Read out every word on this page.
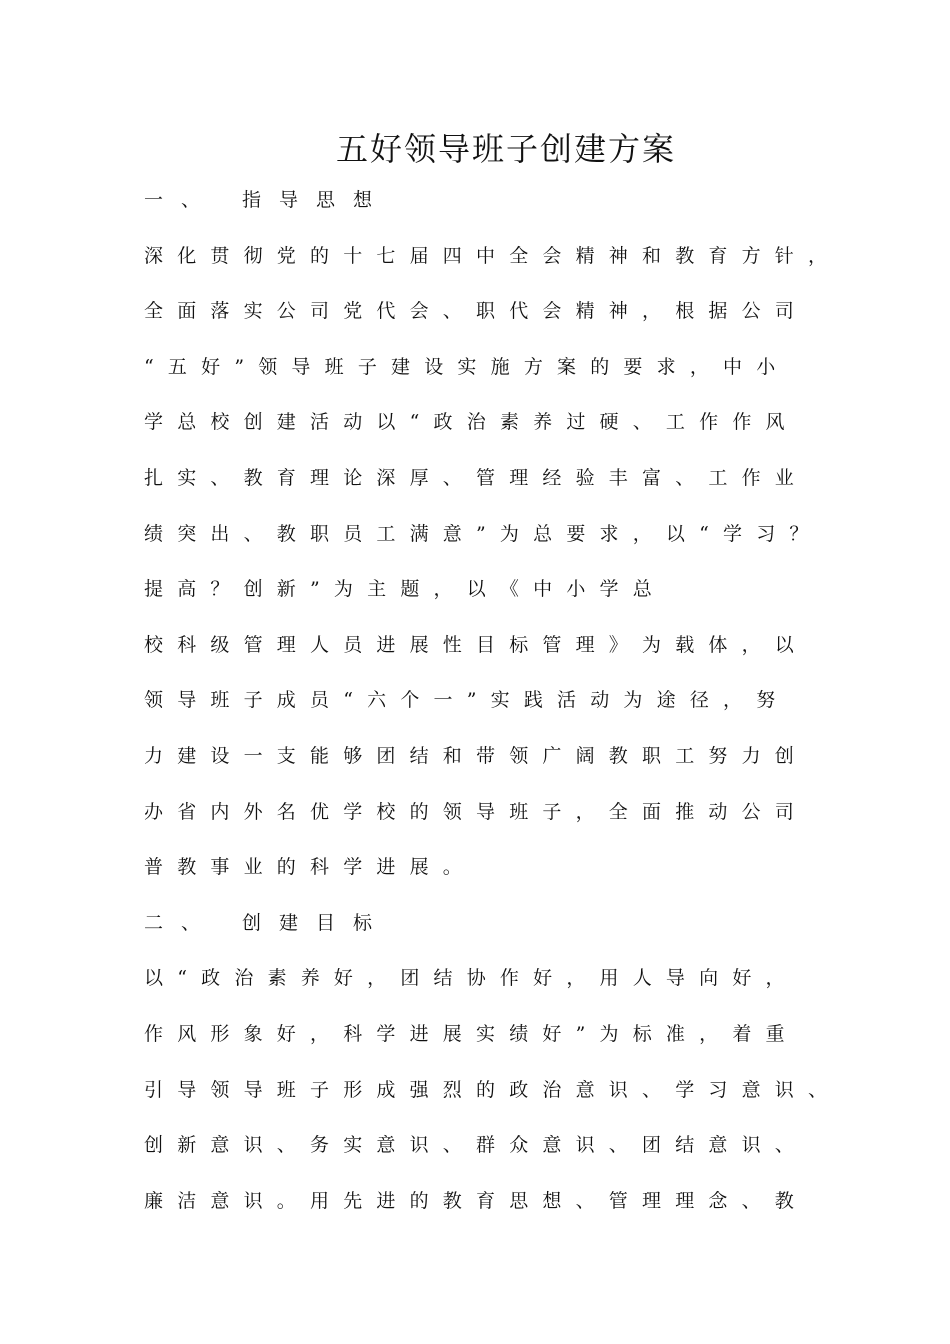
五好领导班子创建方案
一、 指导思想
深化贯彻党的十七届四中全会精神和教育方针，
全面落实公司党代会、职代会精神，根据公司
“五好”领导班子建设实施方案的要求，中小
学总校创建活动以“政治素养过硬、工作作风
扎实、教育理论深厚、管理经验丰富、工作业
绩突出、教职员工满意”为总要求，以“学习？
提高？创新”为主题，以《中小学总
校科级管理人员进展性目标管理》为载体，以
领导班子成员“六个一”实践活动为途径，努
力建设一支能够团结和带领广阔教职工努力创
办省内外名优学校的领导班子，全面推动公司
普教事业的科学进展。
二、 创建目标
以“政治素养好，团结协作好，用人导向好，
作风形象好，科学进展实绩好”为标准，着重
引导领导班子形成强烈的政治意识、学习意识、
创新意识、务实意识、群众意识、团结意识、
廉洁意识。用先进的教育思想、管理理念、教
